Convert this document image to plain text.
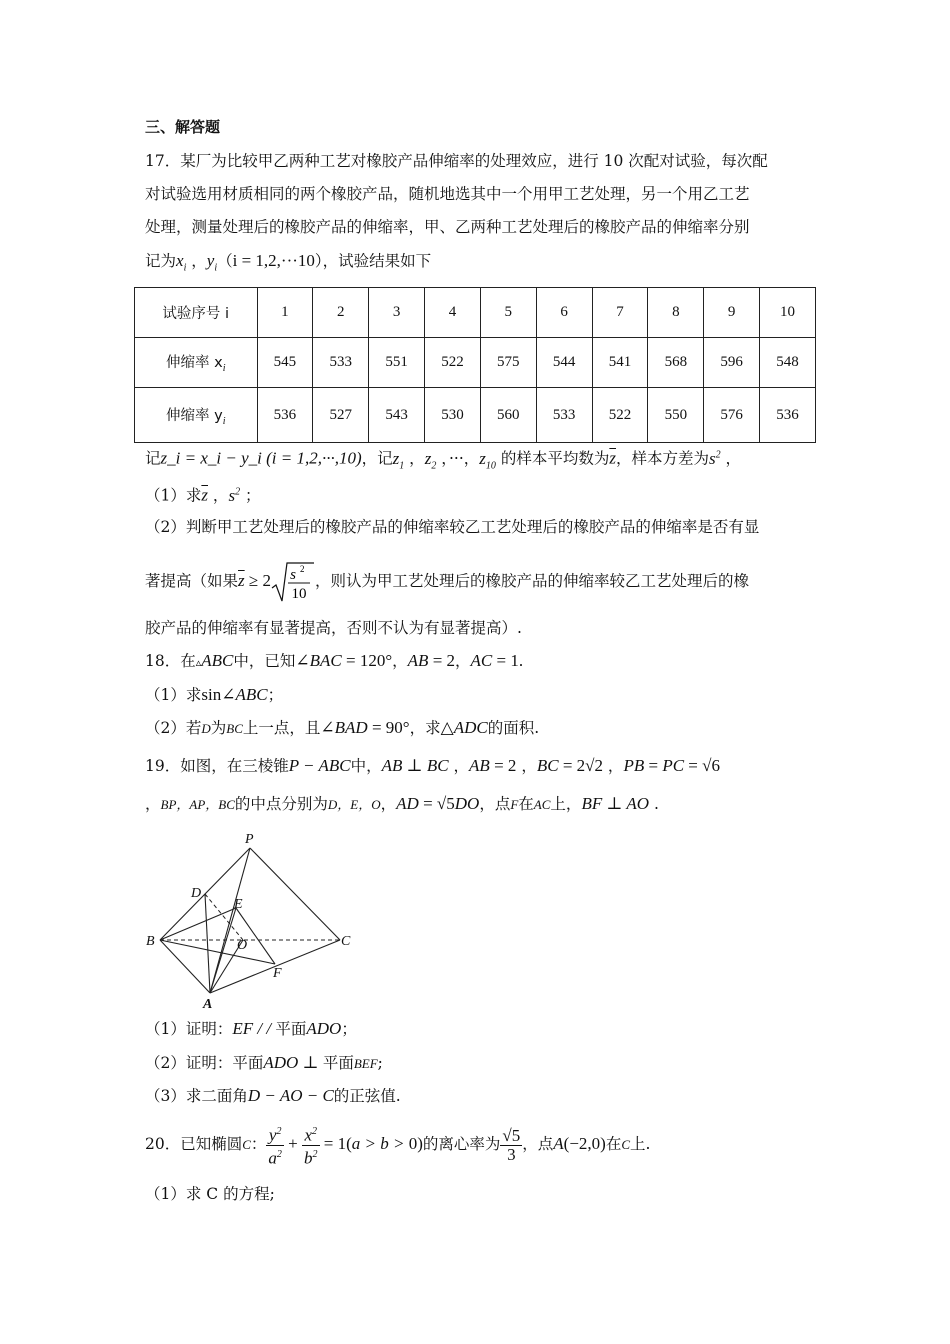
三、解答题
17．某厂为比较甲乙两种工艺对橡胶产品伸缩率的处理效应，进行 10 次配对试验，每次配
对试验选用材质相同的两个橡胶产品，随机地选其中一个用甲工艺处理，另一个用乙工艺
处理，测量处理后的橡胶产品的伸缩率，甲、乙两种工艺处理后的橡胶产品的伸缩率分别
记为$x_i$ ，$y_i(i = 1,2,\cdot\cdot\cdot 10)$，试验结果如下
试验序号 i	1	2	3	4	5	6	7	8	9	10
伸缩率 $x_i$	545	533	551	522	575	544	541	568	596	548
伸缩率 $y_i$	536	527	543	530	560	533	522	550	576	536
记z_i = x_i − y_i (i = 1,2,···,10)，记$z_1$ ，$z_2$ ，···，$z_{10}$ 的样本平均数为$\overline{z}$，样本方差为$s^2$ ，
（1）求$\overline{z}$ ，$s^2$ ；
（2）判断甲工艺处理后的橡胶产品的伸缩率较乙工艺处理后的橡胶产品的伸缩率是否有显
著提高（如果$\overline{z} \ge 2$ s 2
10
，则认为甲工艺处理后的橡胶产品的伸缩率较乙工艺处理后的橡
胶产品的伸缩率有显著提高，否则不认为有显著提高）.
18．在▵ABC中，已知∠BAC = 120°，AB = 2，AC = 1.
（1）求sin∠ABC；
（2）若D为BC上一点，且∠BAD = 90°，求△ADC的面积.
19．如图，在三棱锥P − ABC中，AB ⊥ BC ，AB = 2 ，BC = 2√2 ，PB = PC = √6
，BP，AP，BC的中点分别为D，E，O，AD = √5DO，点F在AC上，BF ⊥ AO .
P
D
E
B	O	C
F
A
（1）证明：EF / / 平面ADO；
（2）证明：平面ADO ⊥ 平面BEF;
（3）求二面角D − AO − C的正弦值.
20．已知椭圆C： $\frac{y^2}{a^2} + \frac{x^2}{b^2} = 1(a > b > 0)$的离心率为 $\frac{√5}{3}$ ，点A(−2,0)在C上.
（1）求 C 的方程;
